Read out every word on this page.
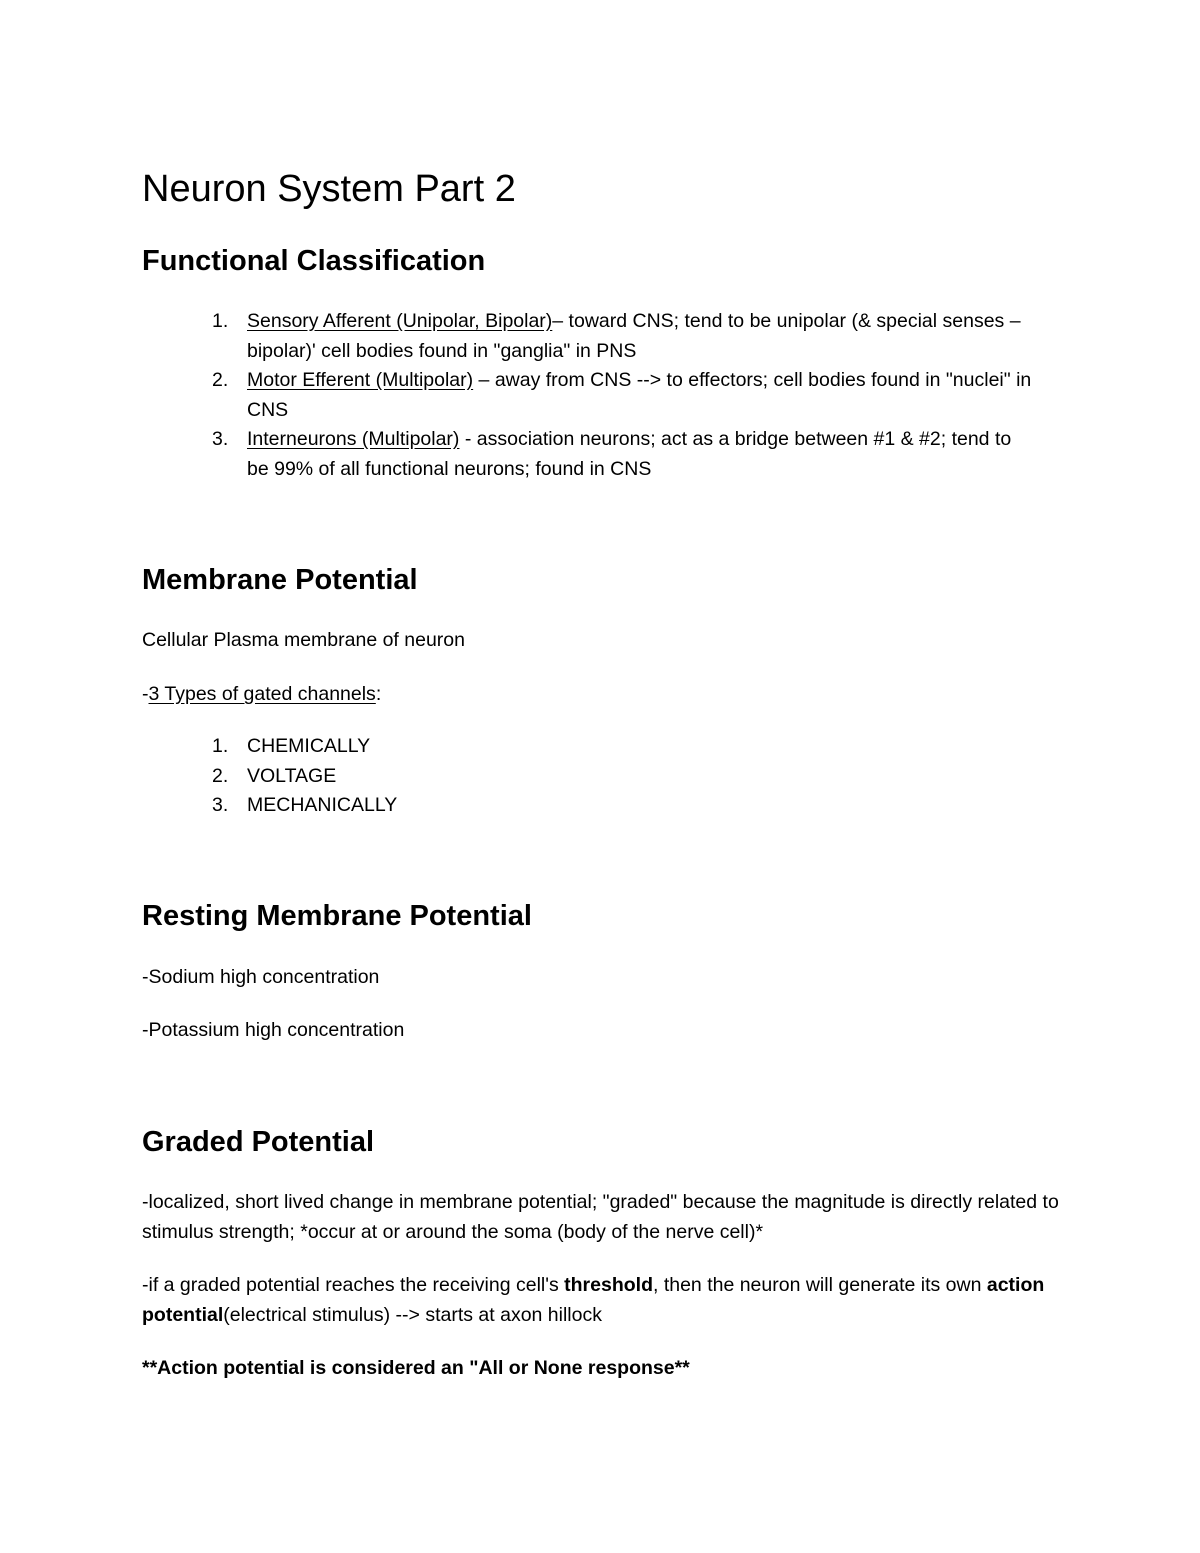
Neuron System Part 2
Functional Classification
1. Sensory Afferent (Unipolar, Bipolar)– toward CNS; tend to be unipolar (& special senses – bipolar)' cell bodies found in "ganglia" in PNS
2. Motor Efferent (Multipolar) – away from CNS --> to effectors; cell bodies found in "nuclei" in CNS
3. Interneurons (Multipolar) - association neurons; act as a bridge between #1 & #2; tend to be 99% of all functional neurons; found in CNS
Membrane Potential

Cellular Plasma membrane of neuron

-3 Types of gated channels:

1. CHEMICALLY
2. VOLTAGE
3. MECHANICALLY
Resting Membrane Potential

-Sodium high concentration

-Potassium high concentration

Graded Potential

-localized, short lived change in membrane potential; "graded" because the magnitude is directly related to stimulus strength; *occur at or around the soma (body of the nerve cell)*

-if a graded potential reaches the receiving cell's threshold, then the neuron will generate its own action potential(electrical stimulus) --> starts at axon hillock

**Action potential is considered an "All or None response**
